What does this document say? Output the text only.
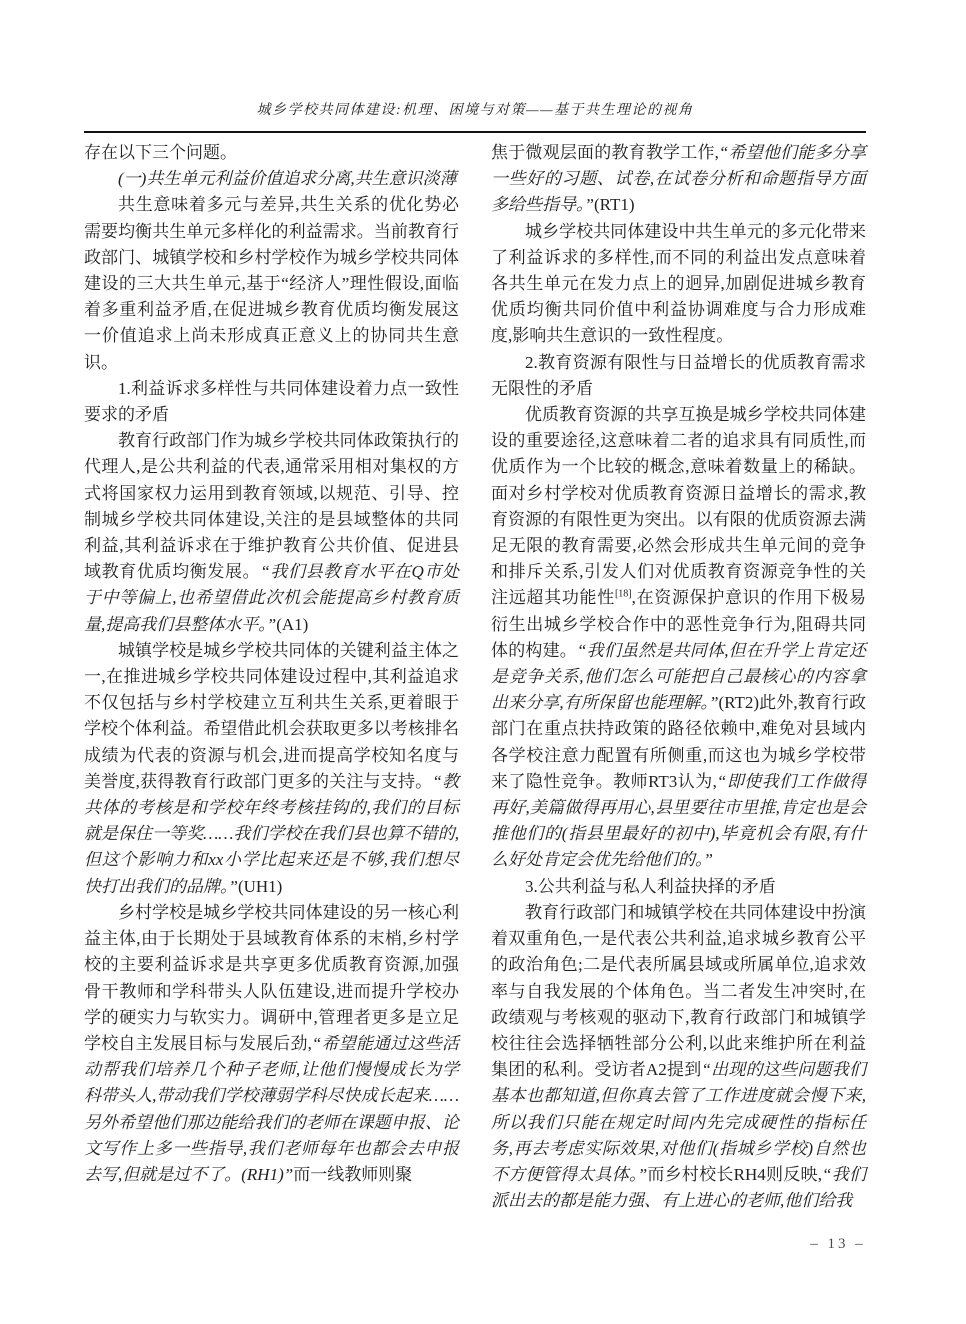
城乡学校共同体建设:机理、困境与对策——基于共生理论的视角

存在以下三个问题。

(一)共生单元利益价值追求分离,共生意识淡薄

共生意味着多元与差异,共生关系的优化势必需要均衡共生单元多样化的利益需求。当前教育行政部门、城镇学校和乡村学校作为城乡学校共同体建设的三大共生单元,基于“经济人”理性假设,面临着多重利益矛盾,在促进城乡教育优质均衡发展这一价值追求上尚未形成真正意义上的协同共生意识。

1.利益诉求多样性与共同体建设着力点一致性要求的矛盾

教育行政部门作为城乡学校共同体政策执行的代理人,是公共利益的代表,通常采用相对集权的方式将国家权力运用到教育领域,以规范、引导、控制城乡学校共同体建设,关注的是县域整体的共同利益,其利益诉求在于维护教育公共价值、促进县域教育优质均衡发展。“我们县教育水平在Q市处于中等偏上,也希望借此次机会能提高乡村教育质量,提高我们县整体水平。”(A1)

城镇学校是城乡学校共同体的关键利益主体之一,在推进城乡学校共同体建设过程中,其利益追求不仅包括与乡村学校建立互利共生关系,更着眼于学校个体利益。希望借此机会获取更多以考核排名成绩为代表的资源与机会,进而提高学校知名度与美誉度,获得教育行政部门更多的关注与支持。“教共体的考核是和学校年终考核挂钩的,我们的目标就是保住一等奖……我们学校在我们县也算不错的,但这个影响力和xx小学比起来还是不够,我们想尽快打出我们的品牌。”(UH1)

乡村学校是城乡学校共同体建设的另一核心利益主体,由于长期处于县域教育体系的末梢,乡村学校的主要利益诉求是共享更多优质教育资源,加强骨干教师和学科带头人队伍建设,进而提升学校办学的硬实力与软实力。调研中,管理者更多是立足学校自主发展目标与发展后劲,“希望能通过这些活动帮我们培养几个种子老师,让他们慢慢成长为学科带头人,带动我们学校薄弱学科尽快成长起来……另外希望他们那边能给我们的老师在课题申报、论文写作上多一些指导,我们老师每年也都会去申报去写,但就是过不了。(RH1)”而一线教师则聚

焦于微观层面的教育教学工作,“希望他们能多分享一些好的习题、试卷,在试卷分析和命题指导方面多给些指导。”(RT1)

城乡学校共同体建设中共生单元的多元化带来了利益诉求的多样性,而不同的利益出发点意味着各共生单元在发力点上的迥异,加剧促进城乡教育优质均衡共同价值中利益协调难度与合力形成难度,影响共生意识的一致性程度。

2.教育资源有限性与日益增长的优质教育需求无限性的矛盾

优质教育资源的共享互换是城乡学校共同体建设的重要途径,这意味着二者的追求具有同质性,而优质作为一个比较的概念,意味着数量上的稀缺。面对乡村学校对优质教育资源日益增长的需求,教育资源的有限性更为突出。以有限的优质资源去满足无限的教育需要,必然会形成共生单元间的竞争和排斥关系,引发人们对优质教育资源竞争性的关注远超其功能性[18],在资源保护意识的作用下极易衍生出城乡学校合作中的恶性竞争行为,阻碍共同体的构建。“我们虽然是共同体,但在升学上肯定还是竞争关系,他们怎么可能把自己最核心的内容拿出来分享,有所保留也能理解。”(RT2)此外,教育行政部门在重点扶持政策的路径依赖中,难免对县域内各学校注意力配置有所侧重,而这也为城乡学校带来了隐性竞争。教师RT3认为,“即使我们工作做得再好,美篇做得再用心,县里要往市里推,肯定也是会推他们的(指县里最好的初中),毕竟机会有限,有什么好处肯定会优先给他们的。”

3.公共利益与私人利益抉择的矛盾

教育行政部门和城镇学校在共同体建设中扮演着双重角色,一是代表公共利益,追求城乡教育公平的政治角色;二是代表所属县域或所属单位,追求效率与自我发展的个体角色。当二者发生冲突时,在政绩观与考核观的驱动下,教育行政部门和城镇学校往往会选择牺牲部分公利,以此来维护所在利益集团的私利。受访者A2提到“出现的这些问题我们基本也都知道,但你真去管了工作进度就会慢下来,所以我们只能在规定时间内先完成硬性的指标任务,再去考虑实际效果,对他们(指城乡学校)自然也不方便管得太具体。”而乡村校长RH4则反映,“我们派出去的都是能力强、有上进心的老师,他们给我

– 13 –
